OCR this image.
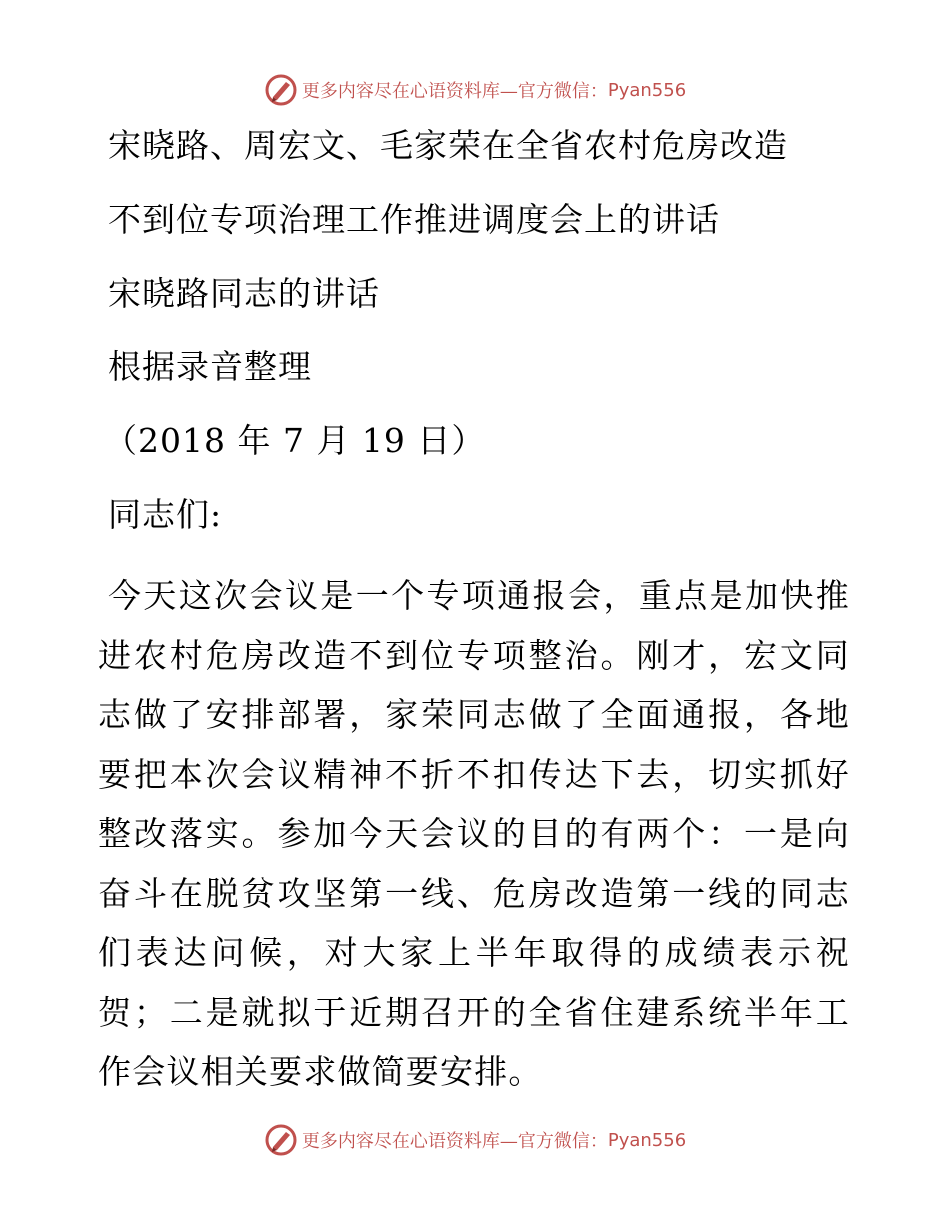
更多内容尽在心语资料库—官方微信： Pyan556

宋晓路、周宏文、毛家荣在全省农村危房改造

不到位专项治理工作推进调度会上的讲话

宋晓路同志的讲话

根据录音整理

（2018 年 7 月 19 日）

同志们:

今天这次会议是一个专项通报会，重点是加快推进农村危房改造不到位专项整治。刚才，宏文同志做了安排部署，家荣同志做了全面通报，各地要把本次会议精神不折不扣传达下去，切实抓好整改落实。参加今天会议的目的有两个：一是向奋斗在脱贫攻坚第一线、危房改造第一线的同志们表达问候，对大家上半年取得的成绩表示祝贺；二是就拟于近期召开的全省住建系统半年工作会议相关要求做简要安排。

更多内容尽在心语资料库—官方微信： Pyan556
